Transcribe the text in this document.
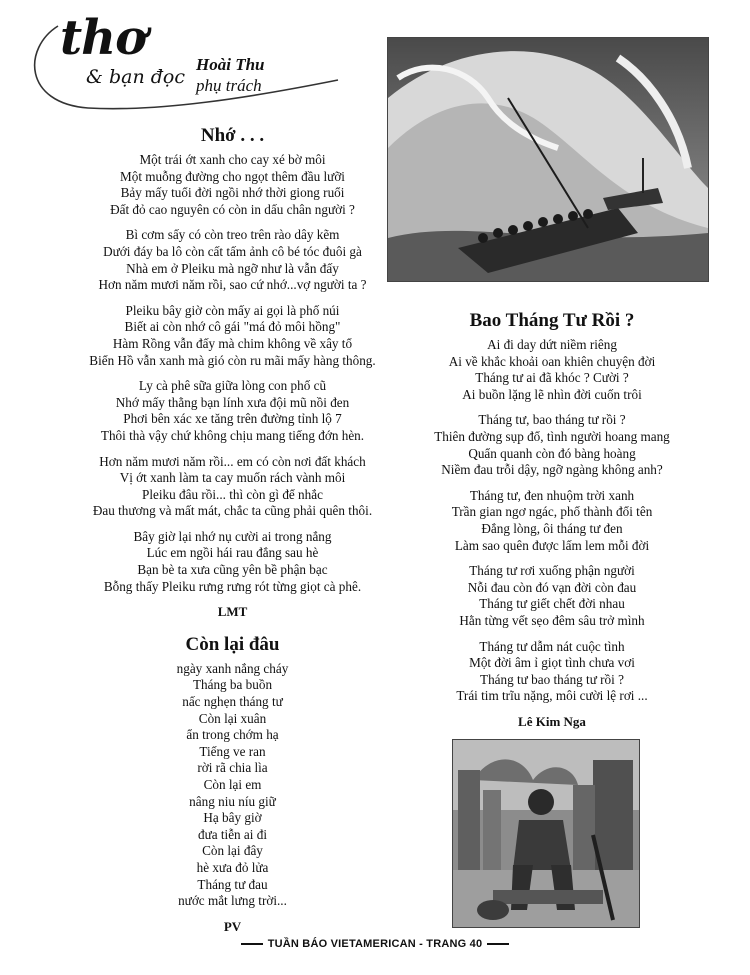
thơ
& bạn đọc
Hoài Thu
phụ trách
Nhớ . . .
Một trái ớt xanh cho cay xé bờ môi
Một muỗng đường cho ngọt thêm đầu lưỡi
Bảy mấy tuổi đời ngồi nhớ thời giong ruổi
Đất đỏ cao nguyên có còn in dấu chân người ?
Bì cơm sấy có còn treo trên rào dây kẽm
Dưới đáy ba lô còn cất tấm ảnh cô bé tóc đuôi gà
Nhà em ở Pleiku mà ngỡ như là vẫn đấy
Hơn năm mươi năm rồi, sao cứ nhớ...vợ người ta ?
Pleiku bây giờ còn mấy ai gọi là phố núi
Biết ai còn nhớ cô gái "má đỏ môi hồng"
Hàm Rồng vẫn đấy mà chim không về xây tổ
Biển Hồ vẫn xanh mà gió còn ru mãi mấy hàng thông.
Ly cà phê sữa giữa lòng con phố cũ
Nhớ mấy thằng bạn lính xưa đội mũ nồi đen
Phơi bên xác xe tăng trên đường tỉnh lộ 7
Thôi thà vậy chứ không chịu mang tiếng đớn hèn.
Hơn năm mươi năm rồi... em có còn nơi đất khách
Vị ớt xanh làm ta cay muốn rách vành môi
Pleiku đâu rồi... thì còn gì để nhắc
Đau thương và mất mát, chắc ta cũng phải quên thôi.
Bây giờ lại nhớ nụ cười ai trong nắng
Lúc em ngồi hái rau đắng sau hè
Bạn bè ta xưa cũng yên bề phận bạc
Bỗng thấy Pleiku rưng rưng rót từng giọt cà phê.
LMT
Còn lại đâu
ngày xanh nắng cháy
Tháng ba buồn
nấc nghẹn tháng tư
Còn lại xuân
ẩn trong chớm hạ
Tiếng ve ran
rời rã chia lìa
Còn lại em
nâng niu níu giữ
Hạ bây giờ
đưa tiễn ai đi
Còn lại đây
hè xưa đỏ lửa
Tháng tư đau
nước mắt lưng trời...
PV
Bao Tháng Tư Rồi ?
Ai đi day dứt niềm riêng
Ai về khắc khoải oan khiên chuyện đời
Tháng tư ai đã khóc ? Cười ?
Ai buồn lặng lẽ nhìn đời cuốn trôi
Tháng tư, bao tháng tư rồi ?
Thiên đường sụp đổ, tình người hoang mang
Quẩn quanh còn đó bàng hoàng
Niềm đau trỗi dậy, ngỡ ngàng không anh?
Tháng tư, đen nhuộm trời xanh
Trần gian ngơ ngác, phố thành đổi tên
Đắng lòng, ôi tháng tư đen
Làm sao quên được lấm lem mỗi đời
Tháng tư rơi xuống phận người
Nỗi đau còn đó vạn đời còn đau
Tháng tư giết chết đời nhau
Hằn từng vết sẹo đêm sâu trở mình
Tháng tư dẫm nát cuộc tình
Một đời âm ỉ giọt tình chưa vơi
Tháng tư bao tháng tư rồi ?
Trái tim trĩu nặng, môi cười lệ rơi ...
Lê Kim Nga
TUẦN BÁO VIETAMERICAN - TRANG 40
